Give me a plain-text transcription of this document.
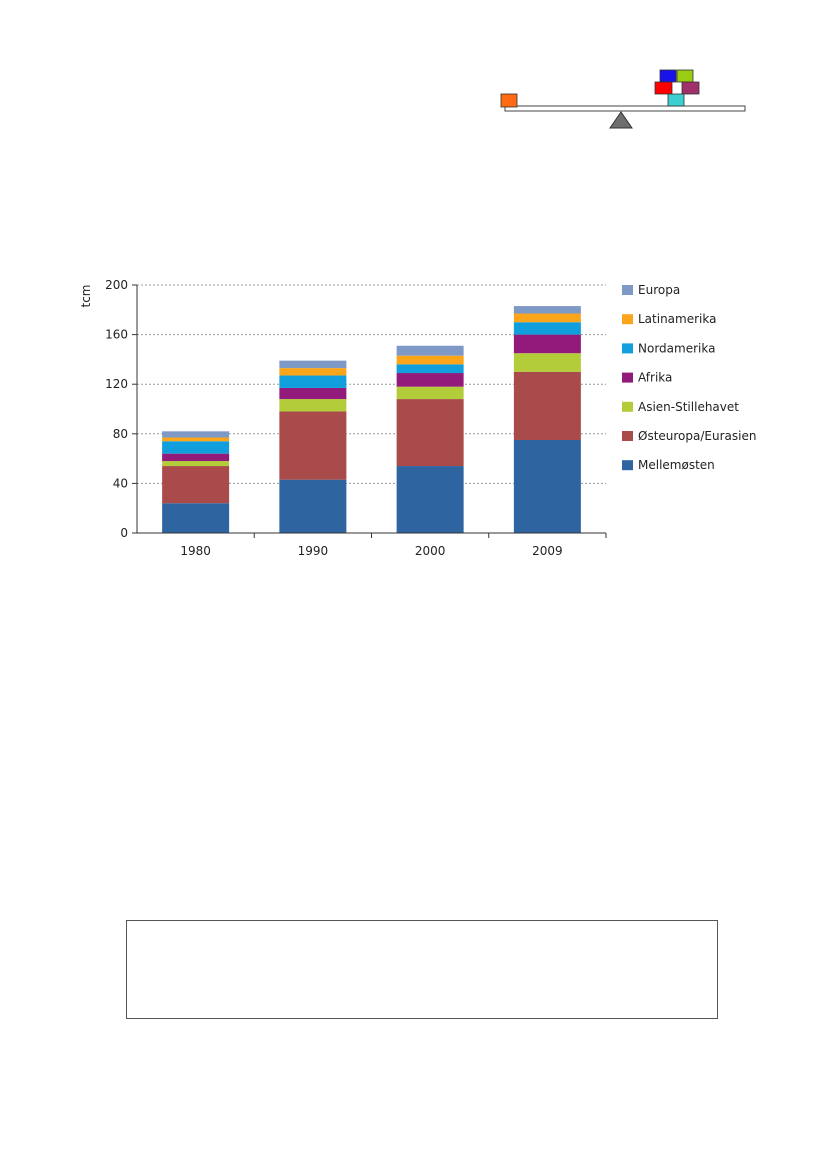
tcm
0
40
80
120
160
200
1980	1990	2000	2009
Europa
Latinamerika
Nordamerika
Afrika
Asien-Stillehavet
Østeuropa/Eurasien
Mellemøsten
